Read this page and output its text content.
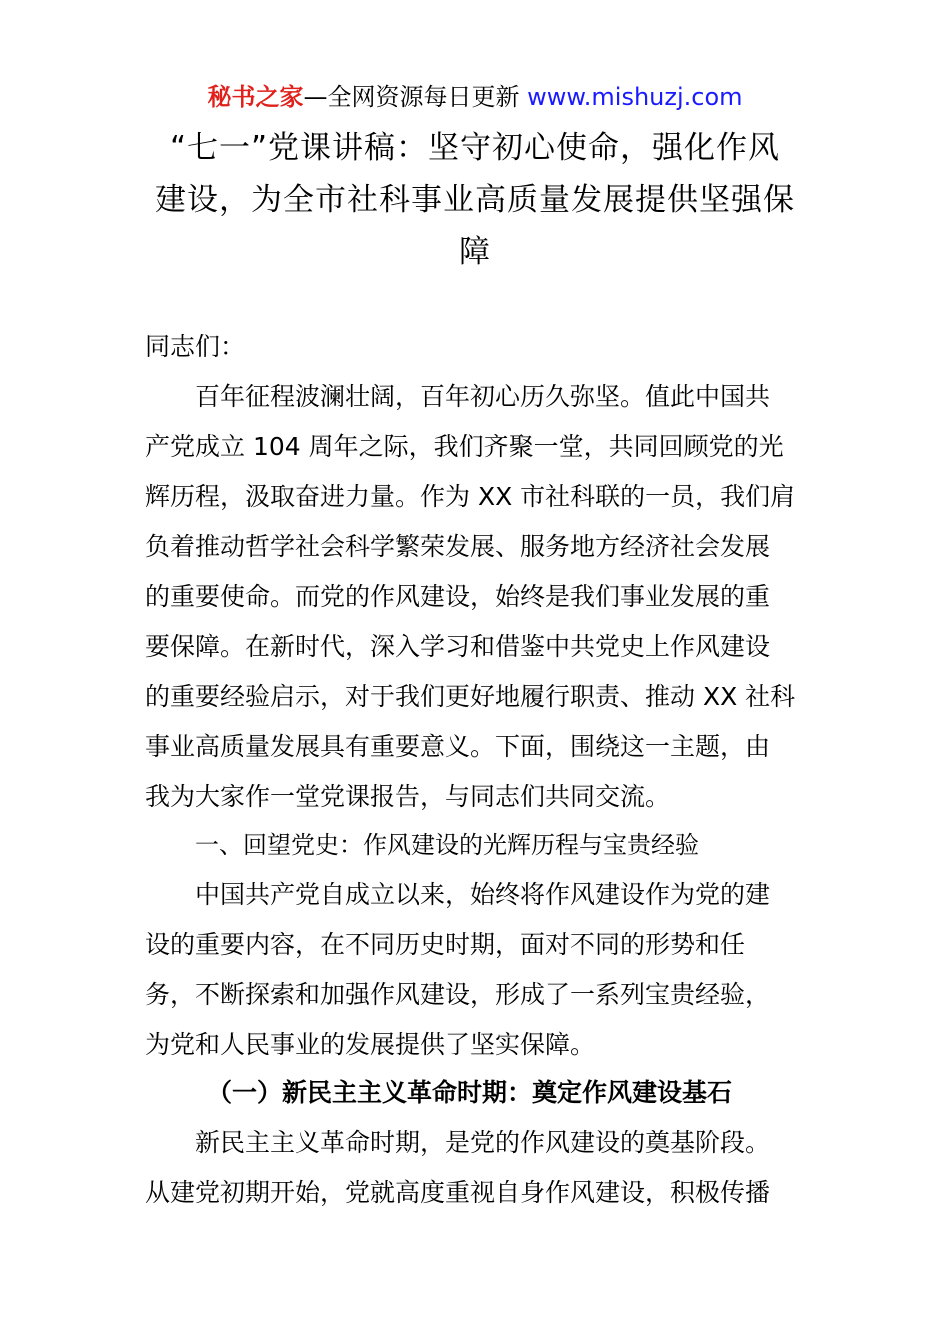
秘书之家—全网资源每日更新 www.mishuzj.com
“七一”党课讲稿：坚守初心使命，强化作风
建设，为全市社科事业高质量发展提供坚强保
障
同志们：
百年征程波澜壮阔，百年初心历久弥坚。值此中国共
产党成立 104 周年之际，我们齐聚一堂，共同回顾党的光
辉历程，汲取奋进力量。作为 XX 市社科联的一员，我们肩
负着推动哲学社会科学繁荣发展、服务地方经济社会发展
的重要使命。而党的作风建设，始终是我们事业发展的重
要保障。在新时代，深入学习和借鉴中共党史上作风建设
的重要经验启示，对于我们更好地履行职责、推动 XX 社科
事业高质量发展具有重要意义。下面，围绕这一主题，由
我为大家作一堂党课报告，与同志们共同交流。
一、回望党史：作风建设的光辉历程与宝贵经验
中国共产党自成立以来，始终将作风建设作为党的建
设的重要内容，在不同历史时期，面对不同的形势和任
务，不断探索和加强作风建设，形成了一系列宝贵经验，
为党和人民事业的发展提供了坚实保障。
（一）新民主主义革命时期：奠定作风建设基石
新民主主义革命时期，是党的作风建设的奠基阶段。
从建党初期开始，党就高度重视自身作风建设，积极传播
